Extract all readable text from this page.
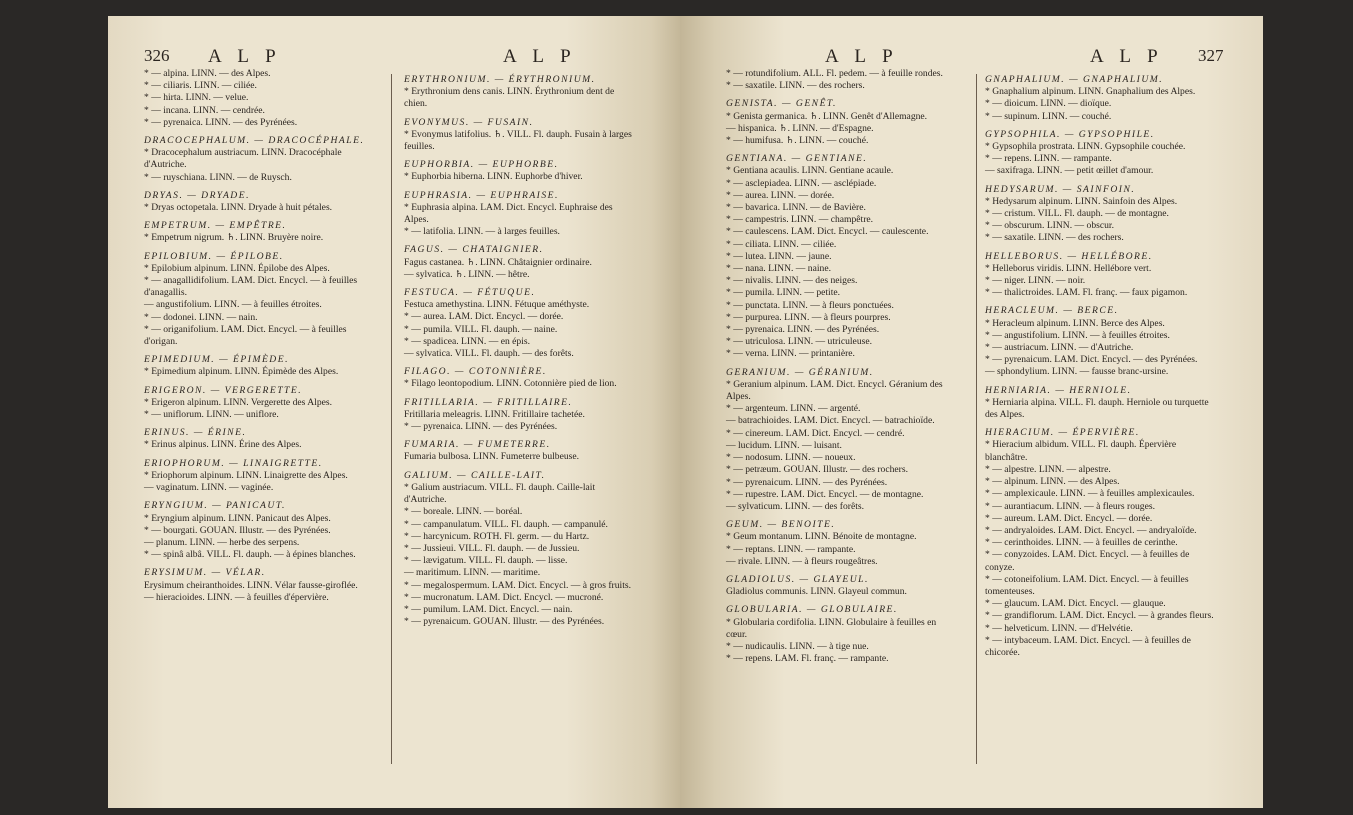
326 A L P	A L P

* — alpina. LINN. — des Alpes.

* — ciliaris. LINN. — ciliée.

* — hirta. LINN. — velue.

* — incana. LINN. — cendrée.

* — pyrenaica. LINN. — des Pyrénées.

DRACOCEPHALUM. — DRACOCÉPHALE.

* Dracocephalum austriacum. LINN. Dracocéphale d'Autriche.

* — ruyschiana. LINN. — de Ruysch.

DRYAS. — DRYADE.

* Dryas octopetala. LINN. Dryade à huit pétales.

EMPETRUM. — EMPÊTRE.

* Empetrum nigrum. ♄. LINN. Bruyère noire.

EPILOBIUM. — ÉPILOBE.

* Epilobium alpinum. LINN. Épilobe des Alpes.

* — anagallidifolium. LAM. Dict. Encycl. — à feuilles d'anagallis.

— angustifolium. LINN. — à feuilles étroites.

* — dodonei. LINN. — nain.

* — origanifolium. LAM. Dict. Encycl. — à feuilles d'origan.

EPIMEDIUM. — ÉPIMÈDE.

* Epimedium alpinum. LINN. Épimède des Alpes.

ERIGERON. — VERGERETTE.

* Erigeron alpinum. LINN. Vergerette des Alpes.

* — uniflorum. LINN. — uniflore.

ERINUS. — ÉRINE.

* Erinus alpinus. LINN. Érine des Alpes.

ERIOPHORUM. — LINAIGRETTE.

* Eriophorum alpinum. LINN. Linaigrette des Alpes.

— vaginatum. LINN. — vaginée.

ERYNGIUM. — PANICAUT.

* Eryngium alpinum. LINN. Panicaut des Alpes.

* — bourgati. GOUAN. Illustr. — des Pyrénées.

— planum. LINN. — herbe des serpens.

* — spinâ albâ. VILL. Fl. dauph. — à épines blanches.

ERYSIMUM. — VÉLAR.

Erysimum cheiranthoides. LINN. Vélar fausse-giroflée.

— hieracioides. LINN. — à feuilles d'épervière.

ERYTHRONIUM. — ÉRYTHRONIUM.

* Erythronium dens canis. LINN. Érythronium dent de chien.

EVONYMUS. — FUSAIN.

* Evonymus latifolius. ♄. VILL. Fl. dauph. Fusain à larges feuilles.

EUPHORBIA. — EUPHORBE.

* Euphorbia hiberna. LINN. Euphorbe d'hiver.

EUPHRASIA. — EUPHRAISE.

* Euphrasia alpina. LAM. Dict. Encycl. Euphraise des Alpes.

* — latifolia. LINN. — à larges feuilles.

FAGUS. — CHATAIGNIER.

Fagus castanea. ♄. LINN. Châtaignier ordinaire.

— sylvatica. ♄. LINN. — hêtre.

FESTUCA. — FÉTUQUE.

Festuca amethystina. LINN. Fétuque améthyste.

* — aurea. LAM. Dict. Encycl. — dorée.

* — pumila. VILL. Fl. dauph. — naine.

* — spadicea. LINN. — en épis.

— sylvatica. VILL. Fl. dauph. — des forêts.

FILAGO. — COTONNIÈRE.

* Filago leontopodium. LINN. Cotonnière pied de lion.

FRITILLARIA. — FRITILLAIRE.

Fritillaria meleagris. LINN. Fritillaire tachetée.

* — pyrenaica. LINN. — des Pyrénées.

FUMARIA. — FUMETERRE.

Fumaria bulbosa. LINN. Fumeterre bulbeuse.

GALIUM. — CAILLE-LAIT.

* Galium austriacum. VILL. Fl. dauph. Caille-lait d'Autriche.

* — boreale. LINN. — boréal.

* — campanulatum. VILL. Fl. dauph. — campanulé.

* — harcynicum. ROTH. Fl. germ. — du Hartz.

* — Jussieui. VILL. Fl. dauph. — de Jussieu.

* — lævigatum. VILL. Fl. dauph. — lisse.

— maritimum. LINN. — maritime.

* — megalospermum. LAM. Dict. Encycl. — à gros fruits.

* — mucronatum. LAM. Dict. Encycl. — mucroné.

* — pumilum. LAM. Dict. Encycl. — nain.

* — pyrenaicum. GOUAN. Illustr. — des Pyrénées.

A L P	A L P 327

* — rotundifolium. ALL. Fl. pedem. — à feuille rondes.

* — saxatile. LINN. — des rochers.

GENISTA. — GENÊT.

* Genista germanica. ♄. LINN. Genêt d'Allemagne.

— hispanica. ♄. LINN. — d'Espagne.

* — humifusa. ♄. LINN. — couché.

GENTIANA. — GENTIANE.

* Gentiana acaulis. LINN. Gentiane acaule.

* — asclepiadea. LINN. — asclépiade.

* — aurea. LINN. — dorée.

* — bavarica. LINN. — de Bavière.

* — campestris. LINN. — champêtre.

* — caulescens. LAM. Dict. Encycl. — caulescente.

* — ciliata. LINN. — ciliée.

* — lutea. LINN. — jaune.

* — nana. LINN. — naine.

* — nivalis. LINN. — des neiges.

* — pumila. LINN. — petite.

* — punctata. LINN. — à fleurs ponctuées.

* — purpurea. LINN. — à fleurs pourpres.

* — pyrenaica. LINN. — des Pyrénées.

* — utriculosa. LINN. — utriculeuse.

* — verna. LINN. — printanière.

GERANIUM. — GÉRANIUM.

* Geranium alpinum. LAM. Dict. Encycl. Géranium des Alpes.

* — argenteum. LINN. — argenté.

— batrachioides. LAM. Dict. Encycl. — batrachioïde.

* — cinereum. LAM. Dict. Encycl. — cendré.

— lucidum. LINN. — luisant.

* — nodosum. LINN. — noueux.

* — petræum. GOUAN. Illustr. — des rochers.

* — pyrenaicum. LINN. — des Pyrénées.

* — rupestre. LAM. Dict. Encycl. — de montagne.

— sylvaticum. LINN. — des forêts.

GEUM. — BENOITE.

* Geum montanum. LINN. Bénoite de montagne.

* — reptans. LINN. — rampante.

— rivale. LINN. — à fleurs rougeâtres.

GLADIOLUS. — GLAYEUL.

Gladiolus communis. LINN. Glayeul commun.

GLOBULARIA. — GLOBULAIRE.

* Globularia cordifolia. LINN. Globulaire à feuilles en cœur.

* — nudicaulis. LINN. — à tige nue.

* — repens. LAM. Fl. franç. — rampante.

GNAPHALIUM. — GNAPHALIUM.

* Gnaphalium alpinum. LINN. Gnaphalium des Alpes.

* — dioicum. LINN. — dioïque.

* — supinum. LINN. — couché.

GYPSOPHILA. — GYPSOPHILE.

* Gypsophila prostrata. LINN. Gypsophile couchée.

* — repens. LINN. — rampante.

— saxifraga. LINN. — petit œillet d'amour.

HEDYSARUM. — SAINFOIN.

* Hedysarum alpinum. LINN. Sainfoin des Alpes.

* — cristum. VILL. Fl. dauph. — de montagne.

* — obscurum. LINN. — obscur.

* — saxatile. LINN. — des rochers.

HELLEBORUS. — HELLÉBORE.

* Helleborus viridis. LINN. Hellébore vert.

* — niger. LINN. — noir.

* — thalictroides. LAM. Fl. franç. — faux pigamon.

HERACLEUM. — BERCE.

* Heracleum alpinum. LINN. Berce des Alpes.

* — angustifolium. LINN. — à feuilles étroites.

* — austriacum. LINN. — d'Autriche.

* — pyrenaicum. LAM. Dict. Encycl. — des Pyrénées.

— sphondylium. LINN. — fausse branc-ursine.

HERNIARIA. — HERNIOLE.

* Herniaria alpina. VILL. Fl. dauph. Herniole ou turquette des Alpes.

HIERACIUM. — ÉPERVIÈRE.

* Hieracium albidum. VILL. Fl. dauph. Épervière blanchâtre.

* — alpestre. LINN. — alpestre.

* — alpinum. LINN. — des Alpes.

* — amplexicaule. LINN. — à feuilles amplexicaules.

* — aurantiacum. LINN. — à fleurs rouges.

* — aureum. LAM. Dict. Encycl. — dorée.

* — andryaloides. LAM. Dict. Encycl. — andryaloïde.

* — cerinthoides. LINN. — à feuilles de cerinthe.

* — conyzoides. LAM. Dict. Encycl. — à feuilles de conyze.

* — cotoneifolium. LAM. Dict. Encycl. — à feuilles tomenteuses.

* — glaucum. LAM. Dict. Encycl. — glauque.

* — grandiflorum. LAM. Dict. Encycl. — à grandes fleurs.

* — helveticum. LINN. — d'Helvétie.

* — intybaceum. LAM. Dict. Encycl. — à feuilles de chicorée.
